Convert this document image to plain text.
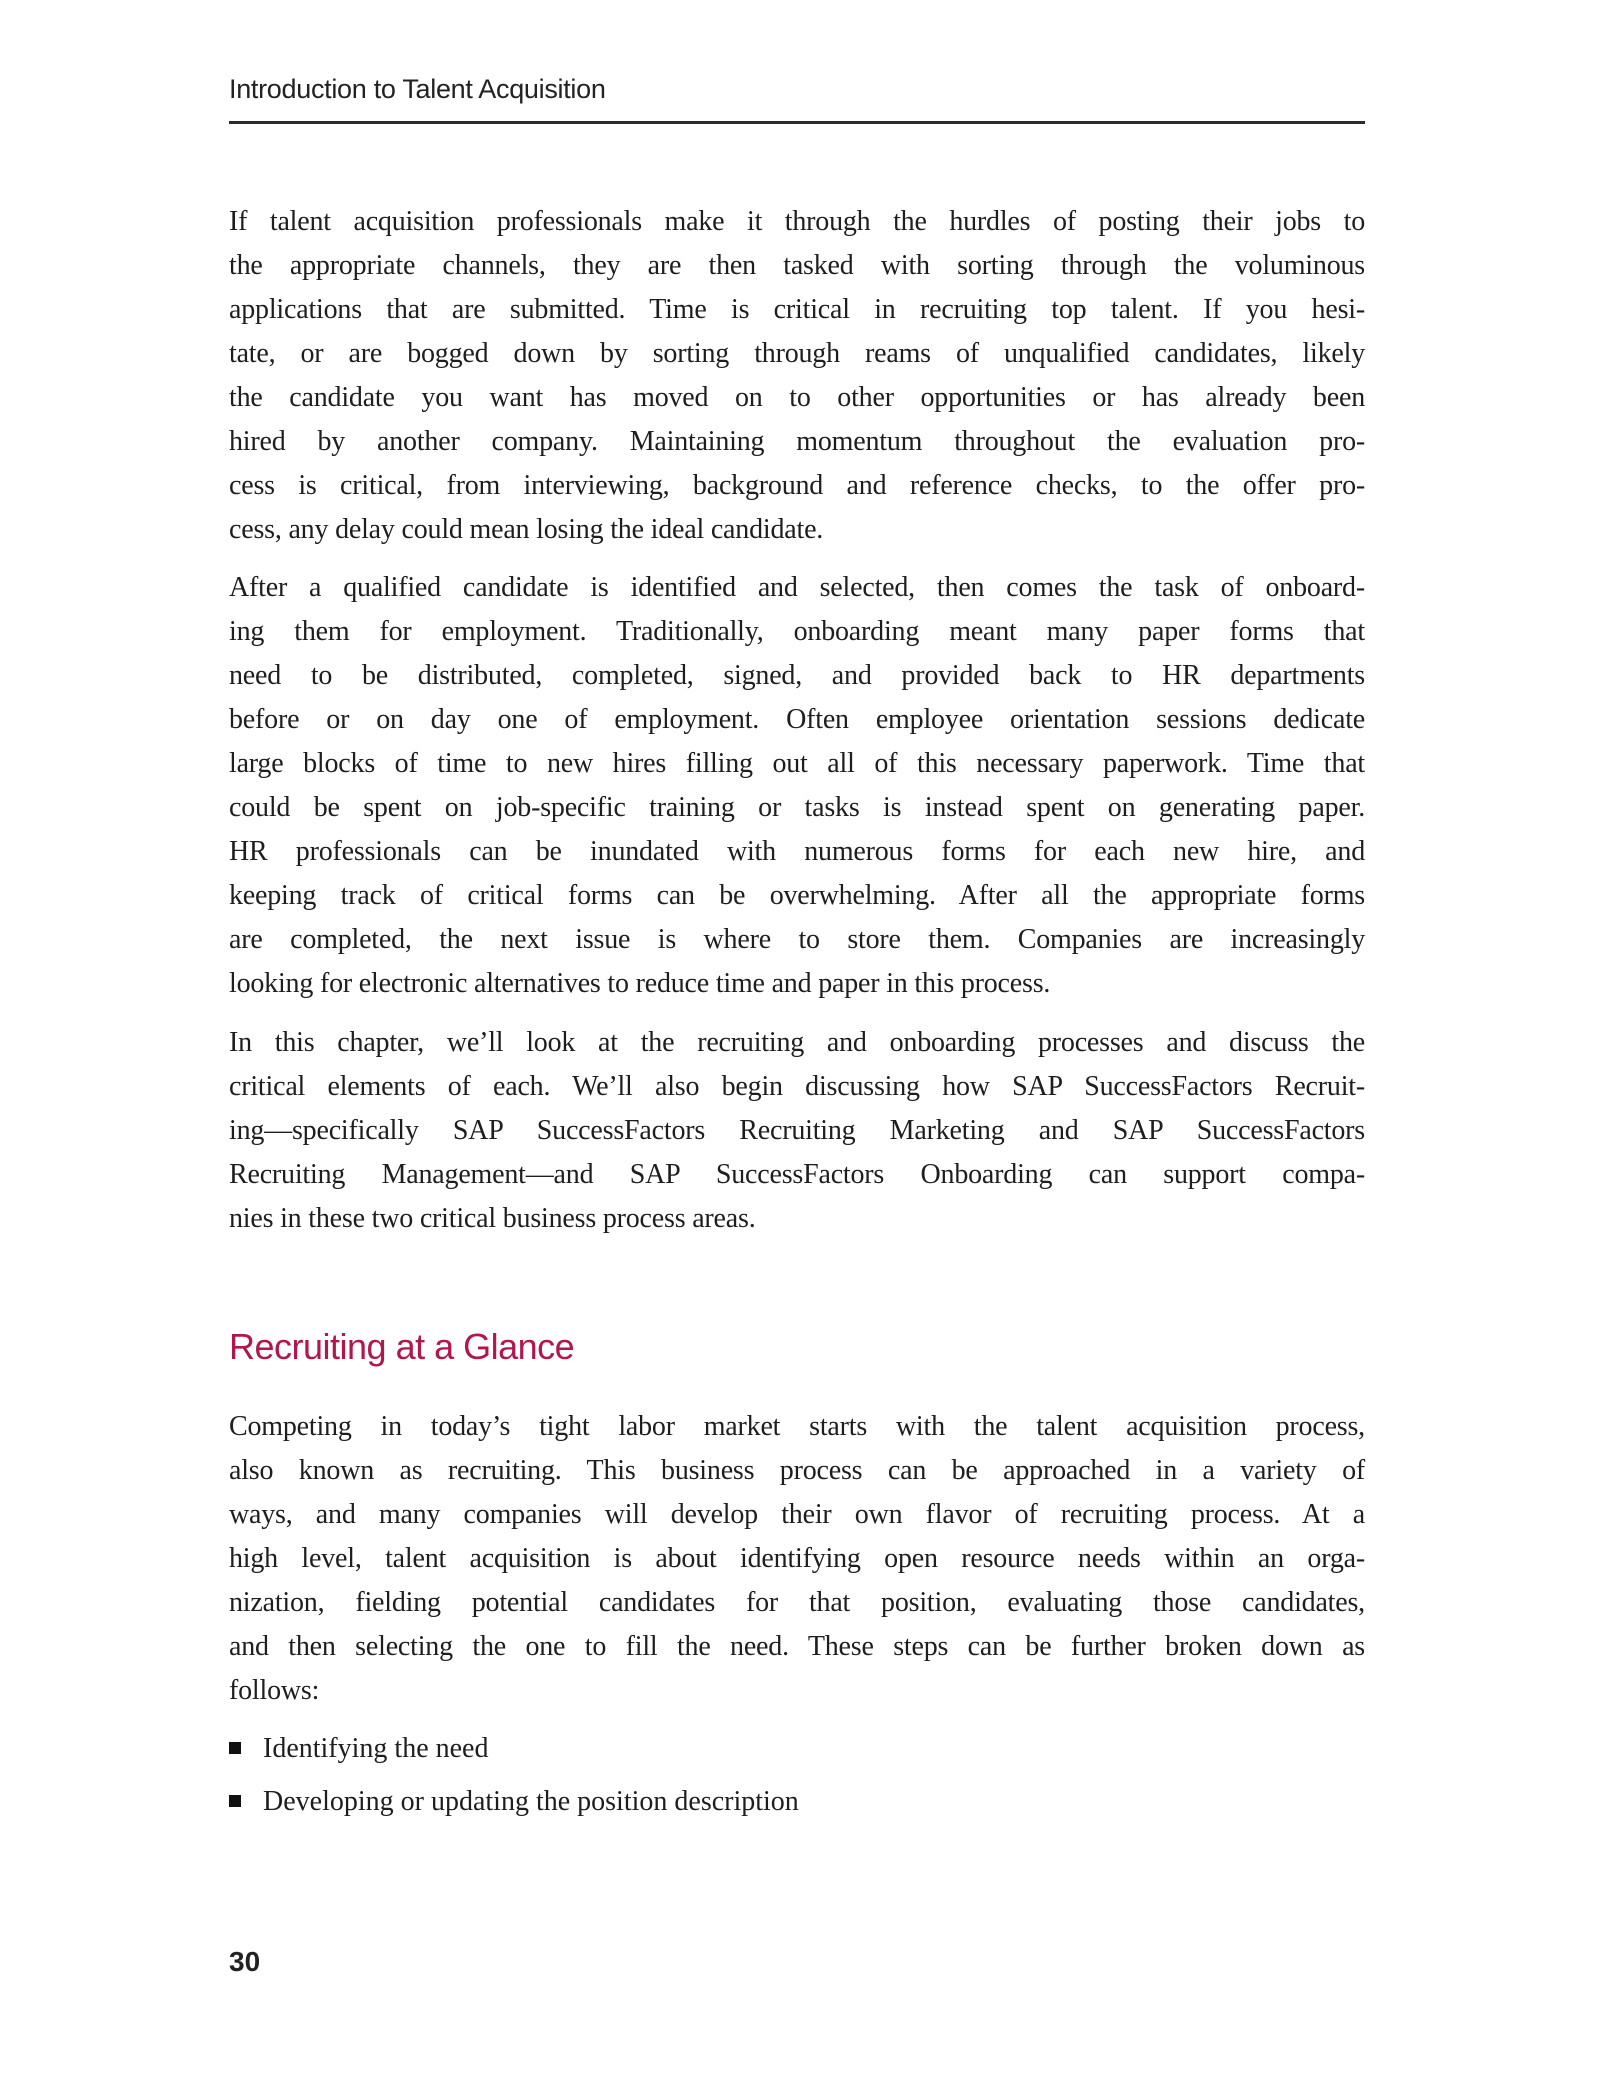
Introduction to Talent Acquisition
If talent acquisition professionals make it through the hurdles of posting their jobs to
the appropriate channels, they are then tasked with sorting through the voluminous
applications that are submitted. Time is critical in recruiting top talent. If you hesi-
tate, or are bogged down by sorting through reams of unqualified candidates, likely
the candidate you want has moved on to other opportunities or has already been
hired by another company. Maintaining momentum throughout the evaluation pro-
cess is critical, from interviewing, background and reference checks, to the offer pro-
cess, any delay could mean losing the ideal candidate.
After a qualified candidate is identified and selected, then comes the task of onboard-
ing them for employment. Traditionally, onboarding meant many paper forms that
need to be distributed, completed, signed, and provided back to HR departments
before or on day one of employment. Often employee orientation sessions dedicate
large blocks of time to new hires filling out all of this necessary paperwork. Time that
could be spent on job-specific training or tasks is instead spent on generating paper.
HR professionals can be inundated with numerous forms for each new hire, and
keeping track of critical forms can be overwhelming. After all the appropriate forms
are completed, the next issue is where to store them. Companies are increasingly
looking for electronic alternatives to reduce time and paper in this process.
In this chapter, we’ll look at the recruiting and onboarding processes and discuss the
critical elements of each. We’ll also begin discussing how SAP SuccessFactors Recruit-
ing—specifically SAP SuccessFactors Recruiting Marketing and SAP SuccessFactors
Recruiting Management—and SAP SuccessFactors Onboarding can support compa-
nies in these two critical business process areas.
Recruiting at a Glance
Competing in today’s tight labor market starts with the talent acquisition process,
also known as recruiting. This business process can be approached in a variety of
ways, and many companies will develop their own flavor of recruiting process. At a
high level, talent acquisition is about identifying open resource needs within an orga-
nization, fielding potential candidates for that position, evaluating those candidates,
and then selecting the one to fill the need. These steps can be further broken down as
follows:
Identifying the need
Developing or updating the position description
30
